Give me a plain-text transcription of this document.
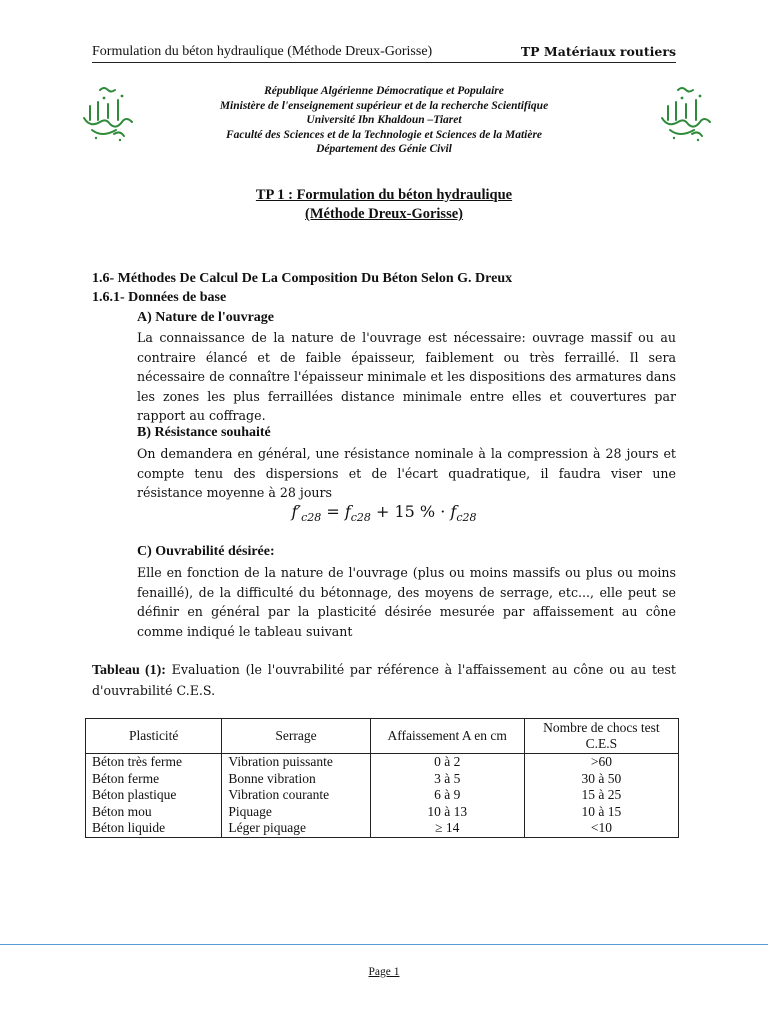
Formulation du béton hydraulique (Méthode Dreux-Gorisse)	TP Matériaux routiers
République Algérienne Démocratique et Populaire
Ministère de l'enseignement supérieur et de la recherche Scientifique
Université Ibn Khaldoun –Tiaret
Faculté des Sciences et de la Technologie et Sciences de la Matière
Département des Génie Civil
TP 1 : Formulation du béton hydraulique
(Méthode Dreux-Gorisse)
1.6- Méthodes De Calcul De La Composition Du Béton Selon G. Dreux
1.6.1- Données de base
A) Nature de l'ouvrage
La connaissance de la nature de l'ouvrage est nécessaire: ouvrage massif ou au contraire élancé et de faible épaisseur, faiblement ou très ferraillé. Il sera nécessaire de connaître l'épaisseur minimale et les dispositions des armatures dans les zones les plus ferraillées distance minimale entre elles et couvertures par rapport au coffrage.
B) Résistance souhaité
On demandera en général, une résistance nominale à la compression à 28 jours et compte tenu des dispersions et de l'écart quadratique, il faudra viser une résistance moyenne à 28 jours
$f'_{c28} = f_{c28} + 15$ % · $f_{c28}$
C) Ouvrabilité désirée:
Elle en fonction de la nature de l'ouvrage (plus ou moins massifs ou plus ou moins fenaillé), de la difficulté du bétonnage, des moyens de serrage, etc..., elle peut se définir en général par la plasticité désirée mesurée par affaissement au cône comme indiqué le tableau suivant
Tableau (1): Evaluation (le l'ouvrabilité par référence à l'affaissement au cône ou au test d'ouvrabilité C.E.S.
Plasticité	Serrage	Affaissement A en cm	Nombre de chocs test C.E.S
Béton très ferme	Vibration puissante	0 à 2	>60
Béton ferme	Bonne vibration	3 à 5	30 à 50
Béton plastique	Vibration courante	6 à 9	15 à 25
Béton mou	Piquage	10 à 13	10 à 15
Béton liquide	Léger piquage	≥ 14	<10
Page 1
